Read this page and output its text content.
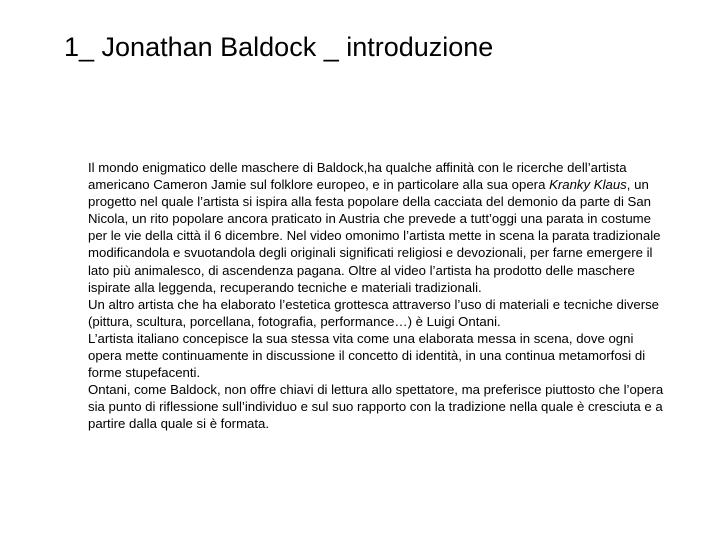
1_ Jonathan Baldock _ introduzione

Il mondo enigmatico delle maschere di Baldock,ha qualche affinità con le ricerche dell’artista americano Cameron Jamie sul folklore europeo, e in particolare alla sua opera Kranky Klaus, un progetto nel quale l’artista si ispira alla festa popolare della cacciata del demonio da parte di San Nicola, un rito popolare ancora praticato in Austria che prevede a tutt’oggi una parata in costume per le vie della città il 6 dicembre. Nel video omonimo l’artista mette in scena la parata tradizionale modificandola e svuotandola degli originali significati religiosi e devozionali, per farne emergere il lato più animalesco, di ascendenza pagana. Oltre al video l’artista ha prodotto delle maschere ispirate alla leggenda, recuperando tecniche e materiali tradizionali.

Un altro artista che ha elaborato l’estetica grottesca attraverso l’uso di materiali e tecniche diverse (pittura, scultura, porcellana, fotografia, performance…) è Luigi Ontani.

L’artista italiano concepisce la sua stessa vita come una elaborata messa in scena, dove ogni opera mette continuamente in discussione il concetto di identità, in una continua metamorfosi di forme stupefacenti.

Ontani, come Baldock, non offre chiavi di lettura allo spettatore, ma preferisce piuttosto che l’opera sia punto di riflessione sull’individuo e sul suo rapporto con la tradizione nella quale è cresciuta e a partire dalla quale si è formata.
